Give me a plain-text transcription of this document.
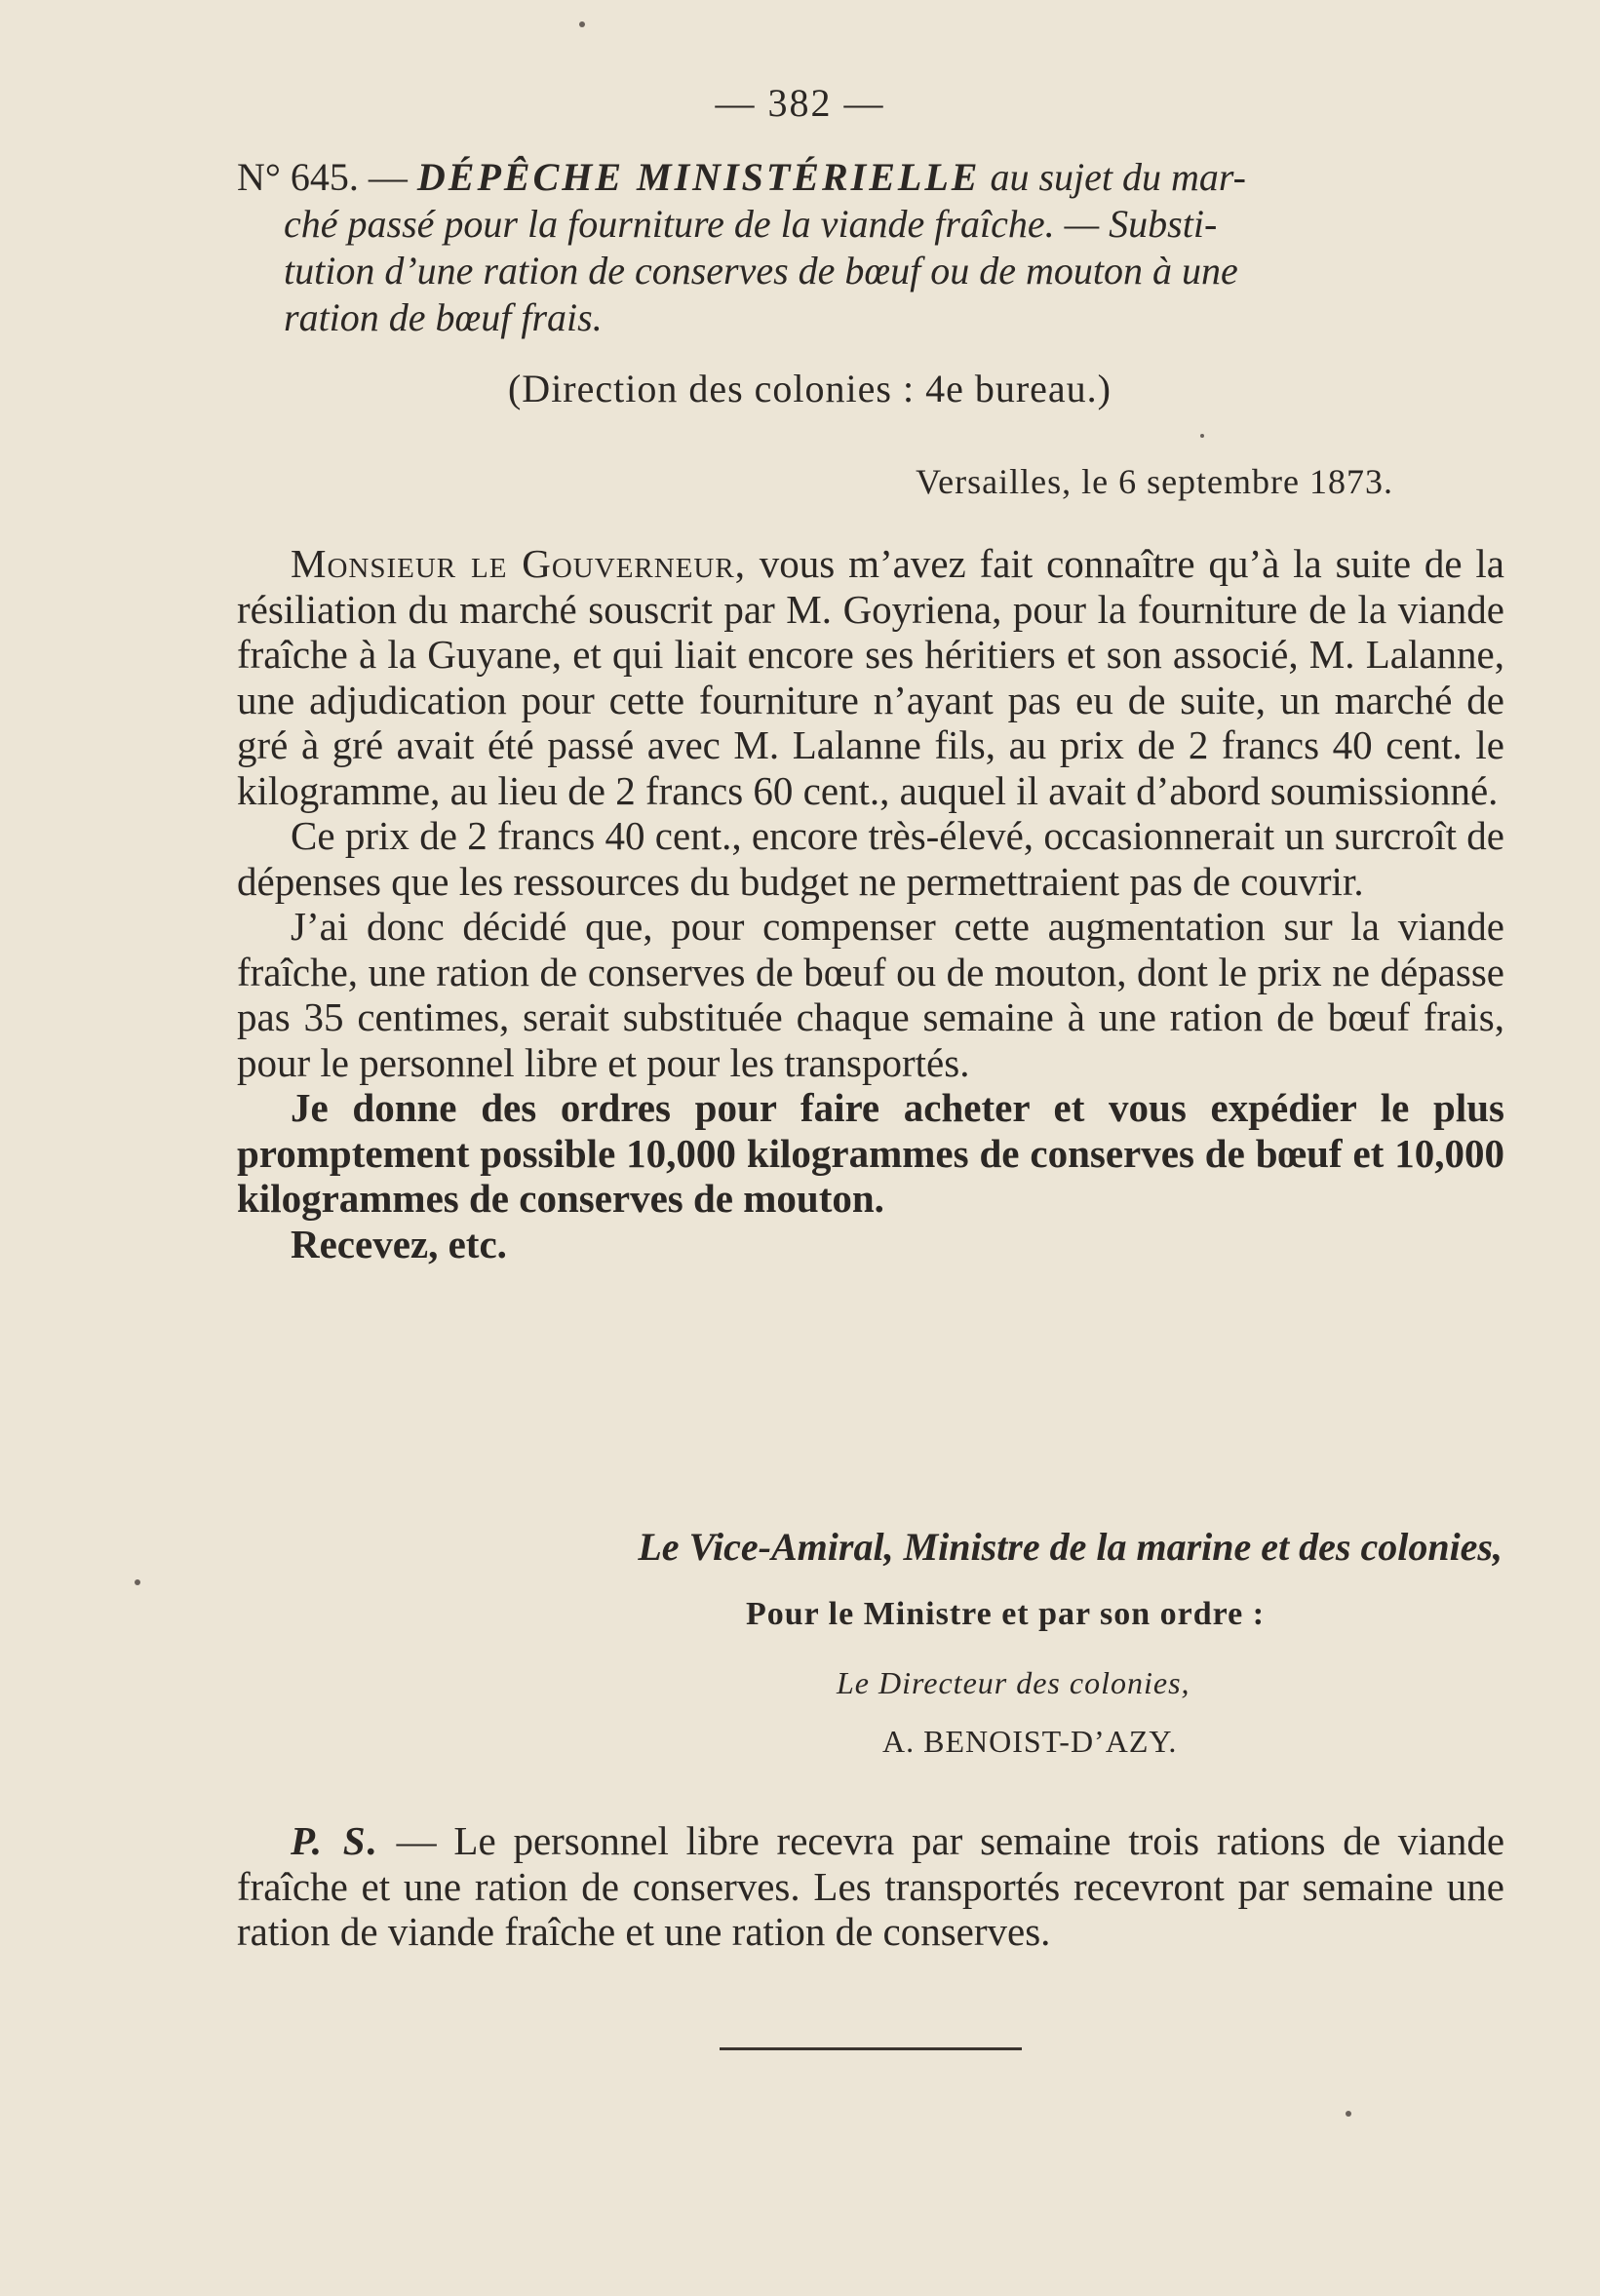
— 382 —
N° 645. — DÉPÊCHE MINISTÉRIELLE au sujet du mar-
ché passé pour la fourniture de la viande fraîche. — Substi-
tution d’une ration de conserves de bœuf ou de mouton à une
ration de bœuf frais.
(Direction des colonies : 4e bureau.)
Versailles, le 6 septembre 1873.

Monsieur le Gouverneur, vous m’avez fait connaître qu’à la suite de la résiliation du marché souscrit par M. Goyriena, pour la fourniture de la viande fraîche à la Guyane, et qui liait encore ses héritiers et son associé, M. Lalanne, une adjudication pour cette fourniture n’ayant pas eu de suite, un marché de gré à gré avait été passé avec M. Lalanne fils, au prix de 2 francs 40 cent. le kilogramme, au lieu de 2 francs 60 cent., auquel il avait d’abord soumissionné.

Ce prix de 2 francs 40 cent., encore très-élevé, occasionnerait un surcroît de dépenses que les ressources du budget ne permettraient pas de couvrir.

J’ai donc décidé que, pour compenser cette augmentation sur la viande fraîche, une ration de conserves de bœuf ou de mouton, dont le prix ne dépasse pas 35 centimes, serait substituée chaque semaine à une ration de bœuf frais, pour le personnel libre et pour les transportés.

Je donne des ordres pour faire acheter et vous expédier le plus promptement possible 10,000 kilogrammes de conserves de bœuf et 10,000 kilogrammes de conserves de mouton.

Recevez, etc.

Le Vice-Amiral, Ministre de la marine et des colonies,
Pour le Ministre et par son ordre :
Le Directeur des colonies,
A. BENOIST-D’AZY.

P. S. — Le personnel libre recevra par semaine trois rations de viande fraîche et une ration de conserves. Les transportés recevront par semaine une ration de viande fraîche et une ration de conserves.
